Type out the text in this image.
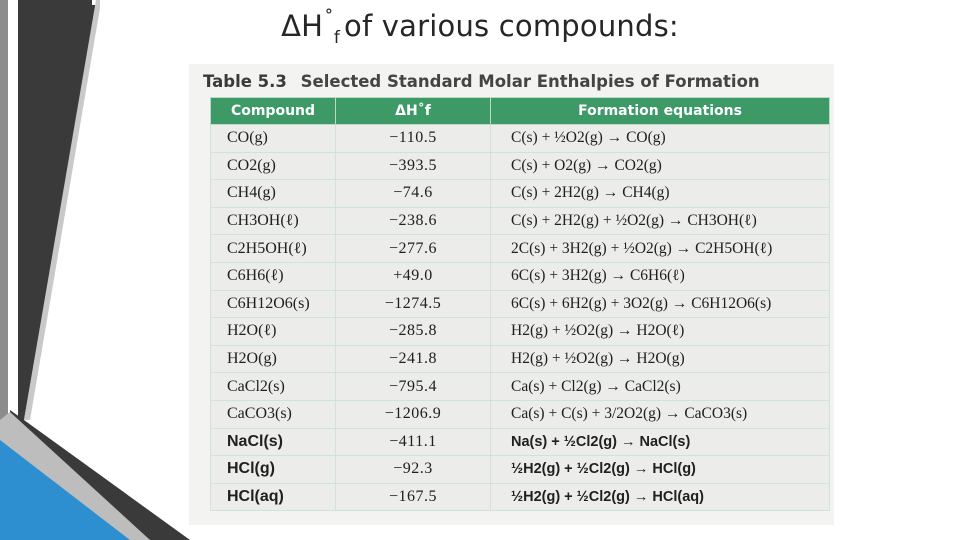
$\Delta H^˚_f$ of various compounds:
Table 5.3 Selected Standard Molar Enthalpies of Formation
Compound	ΔH˚f	Formation equations
CO(g)	−110.5	C(s) + ½O2(g) → CO(g)
CO2(g)	−393.5	C(s) + O2(g) → CO2(g)
CH4(g)	−74.6	C(s) + 2H2(g) → CH4(g)
CH3OH(ℓ)	−238.6	C(s) + 2H2(g) + ½O2(g) → CH3OH(ℓ)
C2H5OH(ℓ)	−277.6	2C(s) + 3H2(g) + ½O2(g) → C2H5OH(ℓ)
C6H6(ℓ)	+49.0	6C(s) + 3H2(g) → C6H6(ℓ)
C6H12O6(s)	−1274.5	6C(s) + 6H2(g) + 3O2(g) → C6H12O6(s)
H2O(ℓ)	−285.8	H2(g) + ½O2(g) → H2O(ℓ)
H2O(g)	−241.8	H2(g) + ½O2(g) → H2O(g)
CaCl2(s)	−795.4	Ca(s) + Cl2(g) → CaCl2(s)
CaCO3(s)	−1206.9	Ca(s) + C(s) + 3/2O2(g) → CaCO3(s)
NaCl(s)	−411.1	Na(s) + ½Cl2(g) → NaCl(s)
HCl(g)	−92.3	½H2(g) + ½Cl2(g) → HCl(g)
HCl(aq)	−167.5	½H2(g) + ½Cl2(g) → HCl(aq)
